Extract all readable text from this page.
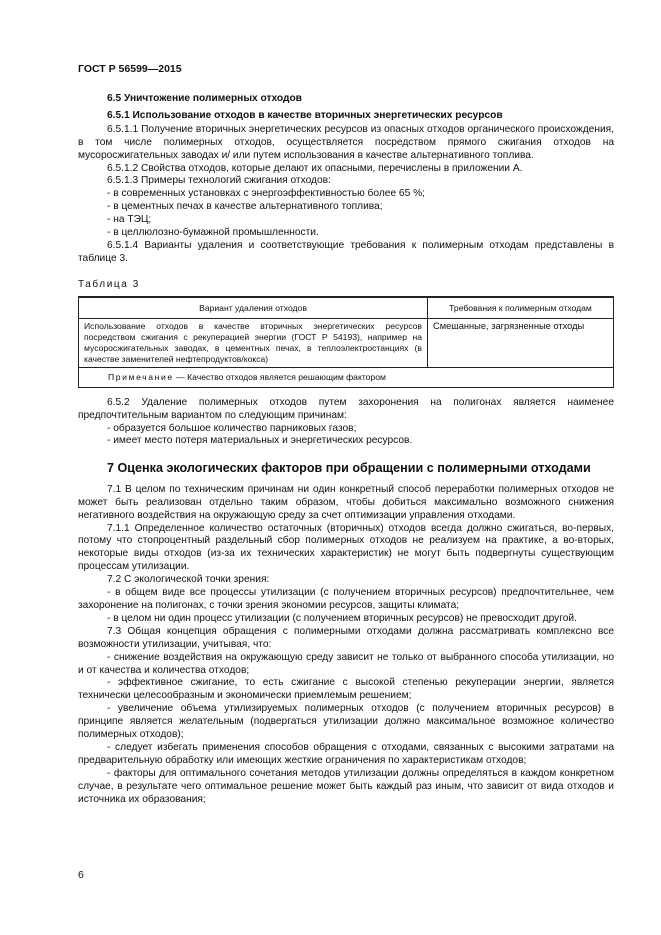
ГОСТ Р 56599—2015
6.5 Уничтожение полимерных отходов
6.5.1 Использование отходов в качестве вторичных энергетических ресурсов

6.5.1.1 Получение вторичных энергетических ресурсов из опасных отходов органического происхождения, в том числе полимерных отходов, осуществляется посредством прямого сжигания отходов на мусоросжигательных заводах и/ или путем использования в качестве альтернативного топлива.

6.5.1.2 Свойства отходов, которые делают их опасными, перечислены в приложении А.

6.5.1.3 Примеры технологий сжигания отходов:

- в современных установках с энергоэффективностью более 65 %;

- в цементных печах в качестве альтернативного топлива;

- на ТЭЦ;

- в целлюлозно-бумажной промышленности.

6.5.1.4 Варианты удаления и соответствующие требования к полимерным отходам представлены в таблице 3.

Таблица 3
Вариант удаления отходов	Требования к полимерным отходам
Использование отходов в качестве вторичных энергетических ресурсов посредством сжигания с рекуперацией энергии (ГОСТ Р 54193), например на мусоросжигательных заводах, в цементных печах, в теплоэлектростанциях (в качестве заменителей нефтепродуктов/кокса)	Смешанные, загрязненные отходы
Примечание — Качество отходов является решающим фактором	

6.5.2 Удаление полимерных отходов путем захоронения на полигонах является наименее предпочтительным вариантом по следующим причинам:

- образуется большое количество парниковых газов;

- имеет место потеря материальных и энергетических ресурсов.

7 Оценка экологических факторов при обращении с полимерными отходами

7.1 В целом по техническим причинам ни один конкретный способ переработки полимерных отходов не может быть реализован отдельно таким образом, чтобы добиться максимально возможного снижения негативного воздействия на окружающую среду за счет оптимизации управления отходами.

7.1.1 Определенное количество остаточных (вторичных) отходов всегда должно сжигаться, во-первых, потому что стопроцентный раздельный сбор полимерных отходов не реализуем на практике, а во-вторых, некоторые виды отходов (из-за их технических характеристик) не могут быть подвергнуты существующим процессам утилизации.

7.2 С экологической точки зрения:

- в общем виде все процессы утилизации (с получением вторичных ресурсов) предпочтительнее, чем захоронение на полигонах, с точки зрения экономии ресурсов, защиты климата;

- в целом ни один процесс утилизации (с получением вторичных ресурсов) не превосходит другой.

7.3 Общая концепция обращения с полимерными отходами должна рассматривать комплексно все возможности утилизации, учитывая, что:

- снижение воздействия на окружающую среду зависит не только от выбранного способа утилизации, но и от качества и количества отходов;

- эффективное сжигание, то есть сжигание с высокой степенью рекуперации энергии, является технически целесообразным и экономически приемлемым решением;

- увеличение объема утилизируемых полимерных отходов (с получением вторичных ресурсов) в принципе является желательным (подвергаться утилизации должно максимальное возможное количество полимерных отходов);

- следует избегать применения способов обращения с отходами, связанных с высокими затратами на предварительную обработку или имеющих жесткие ограничения по характеристикам отходов;

- факторы для оптимального сочетания методов утилизации должны определяться в каждом конкретном случае, в результате чего оптимальное решение может быть каждый раз иным, что зависит от вида отходов и источника их образования;

6
